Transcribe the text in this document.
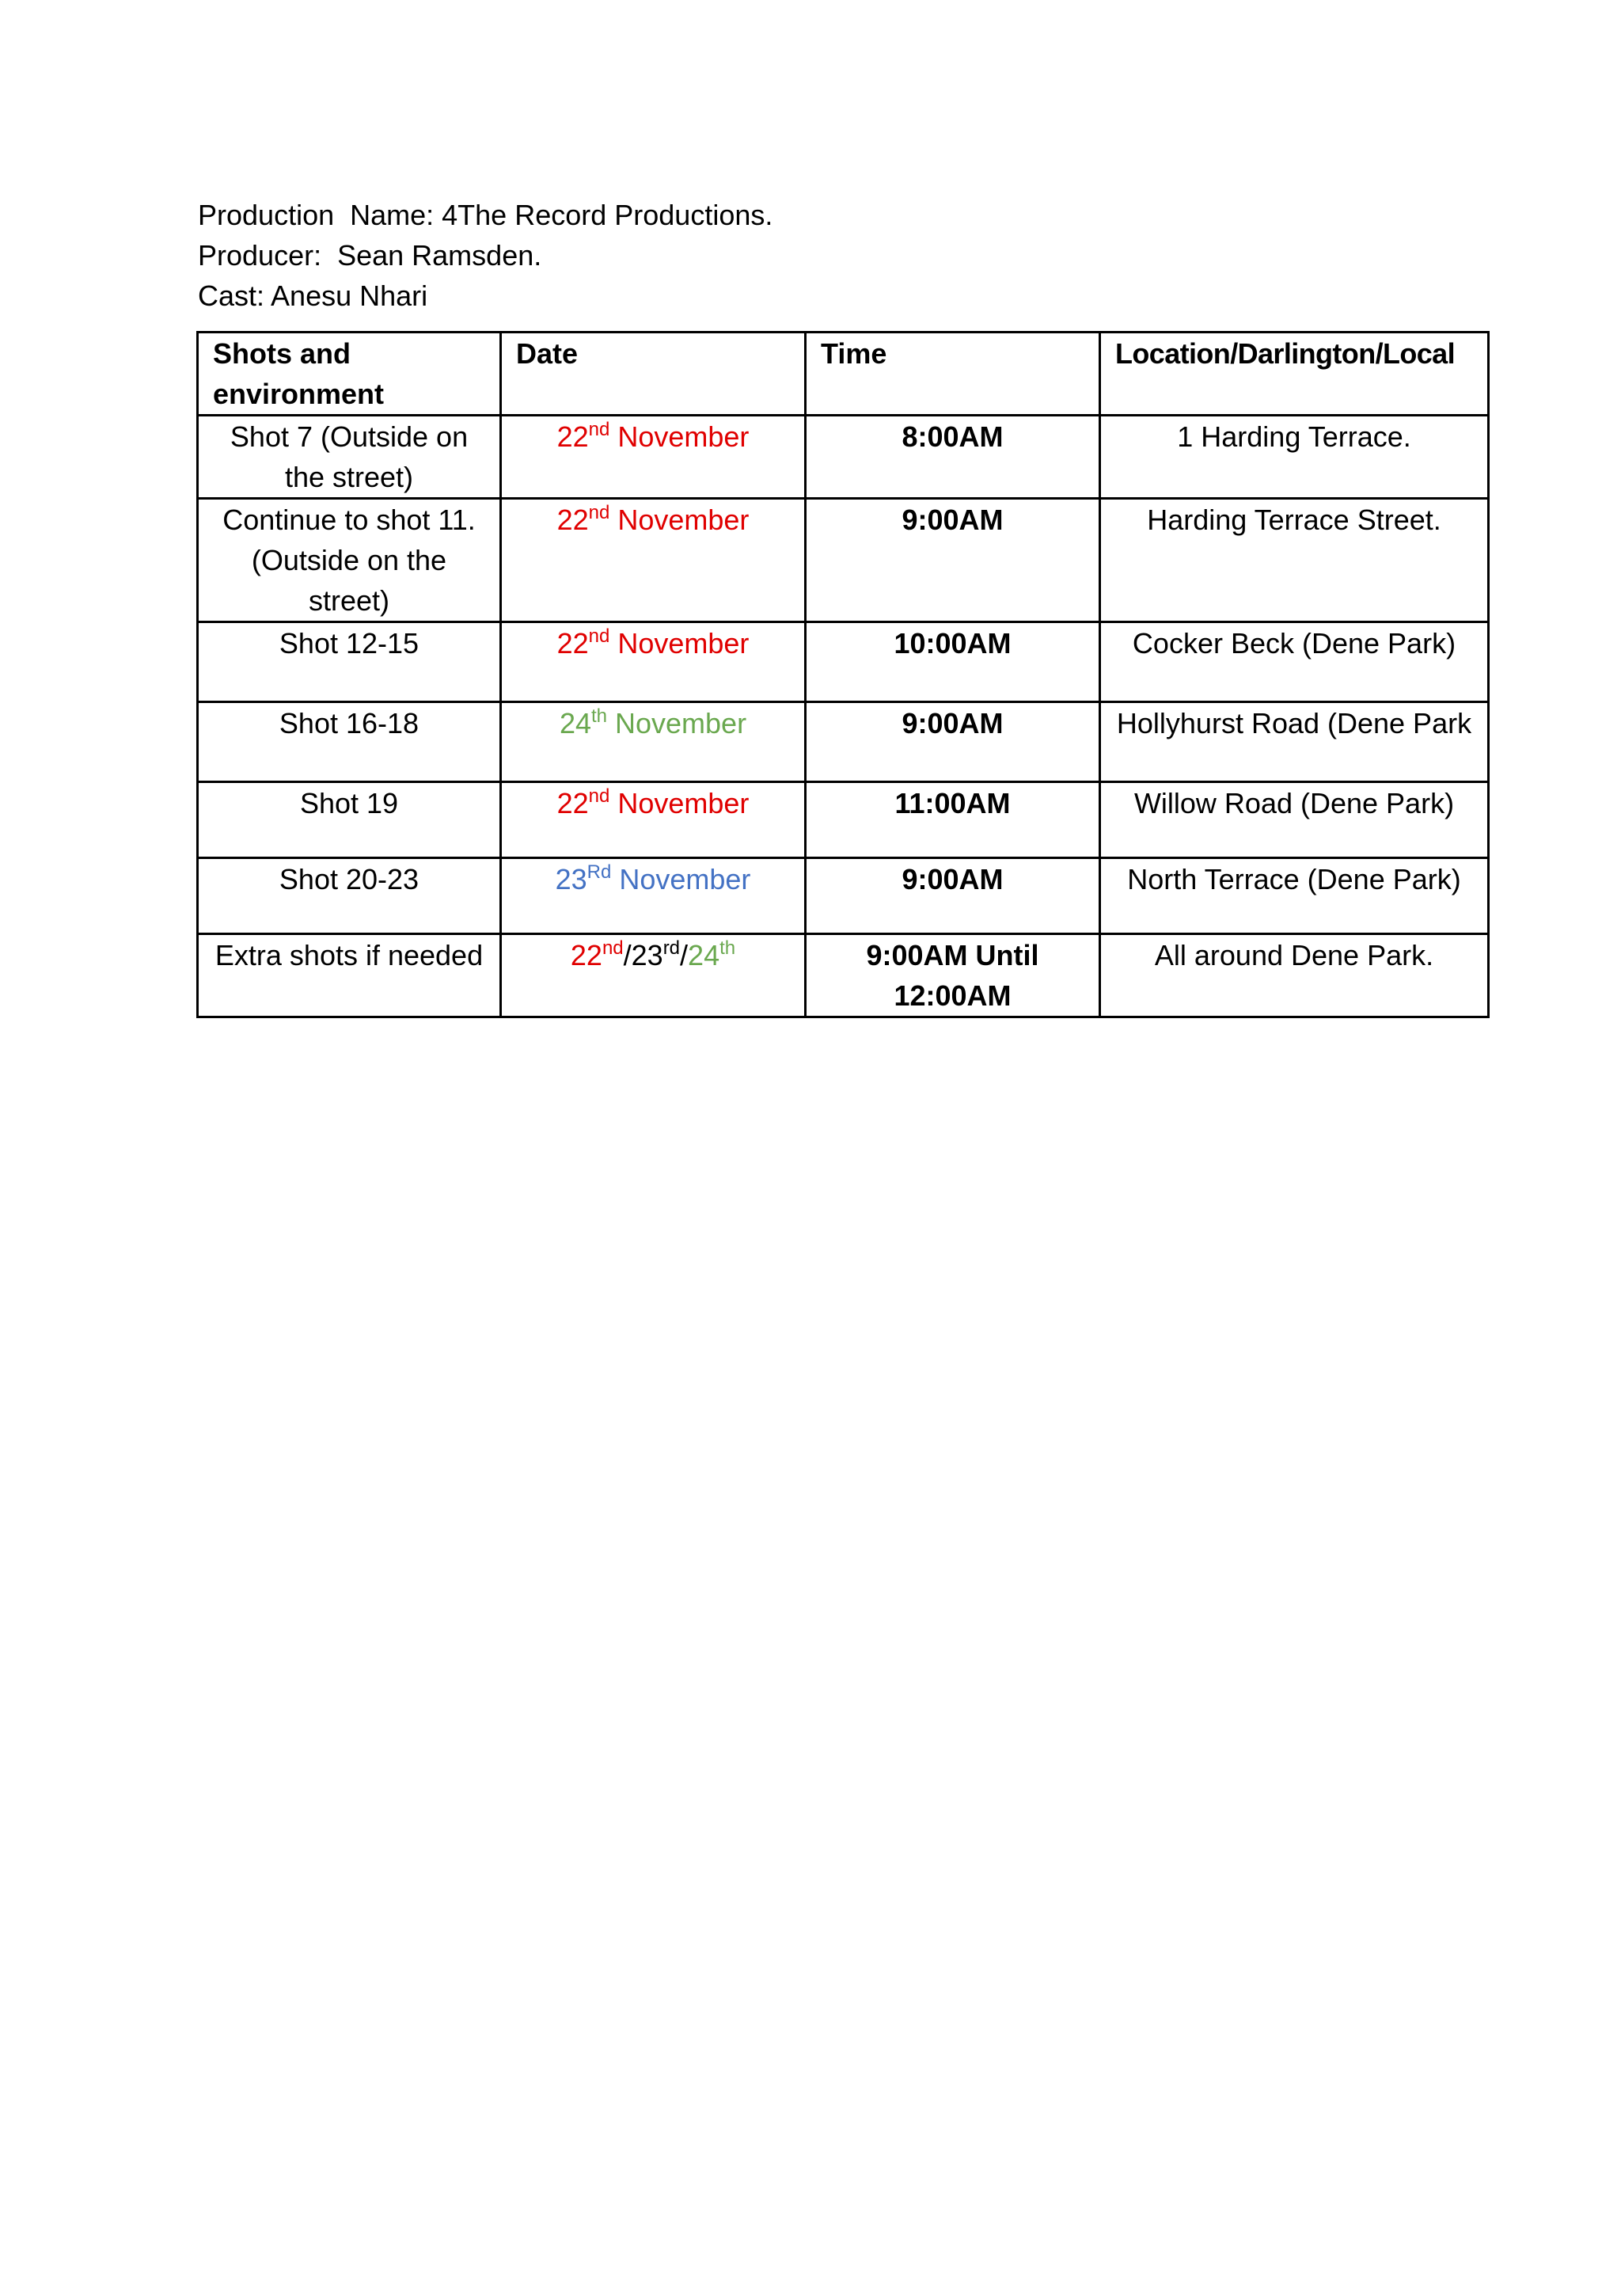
Production  Name: 4The Record Productions.
Producer:  Sean Ramsden.
Cast: Anesu Nhari
Shots and environment	Date	Time	Location/Darlington/Local
Shot 7 (Outside on the street)	22nd November	8:00AM	1 Harding Terrace.
Continue to shot 11. (Outside on the street)	22nd November	9:00AM	Harding Terrace Street.
Shot 12-15	22nd November	10:00AM	Cocker Beck (Dene Park)
Shot 16-18	24th November	9:00AM	Hollyhurst Road (Dene Park
Shot 19	22nd November	11:00AM	Willow Road (Dene Park)
Shot 20-23	23Rd November	9:00AM	North Terrace (Dene Park)
Extra shots if needed	22nd/23rd/24th	9:00AM Until 12:00AM	All around Dene Park.
